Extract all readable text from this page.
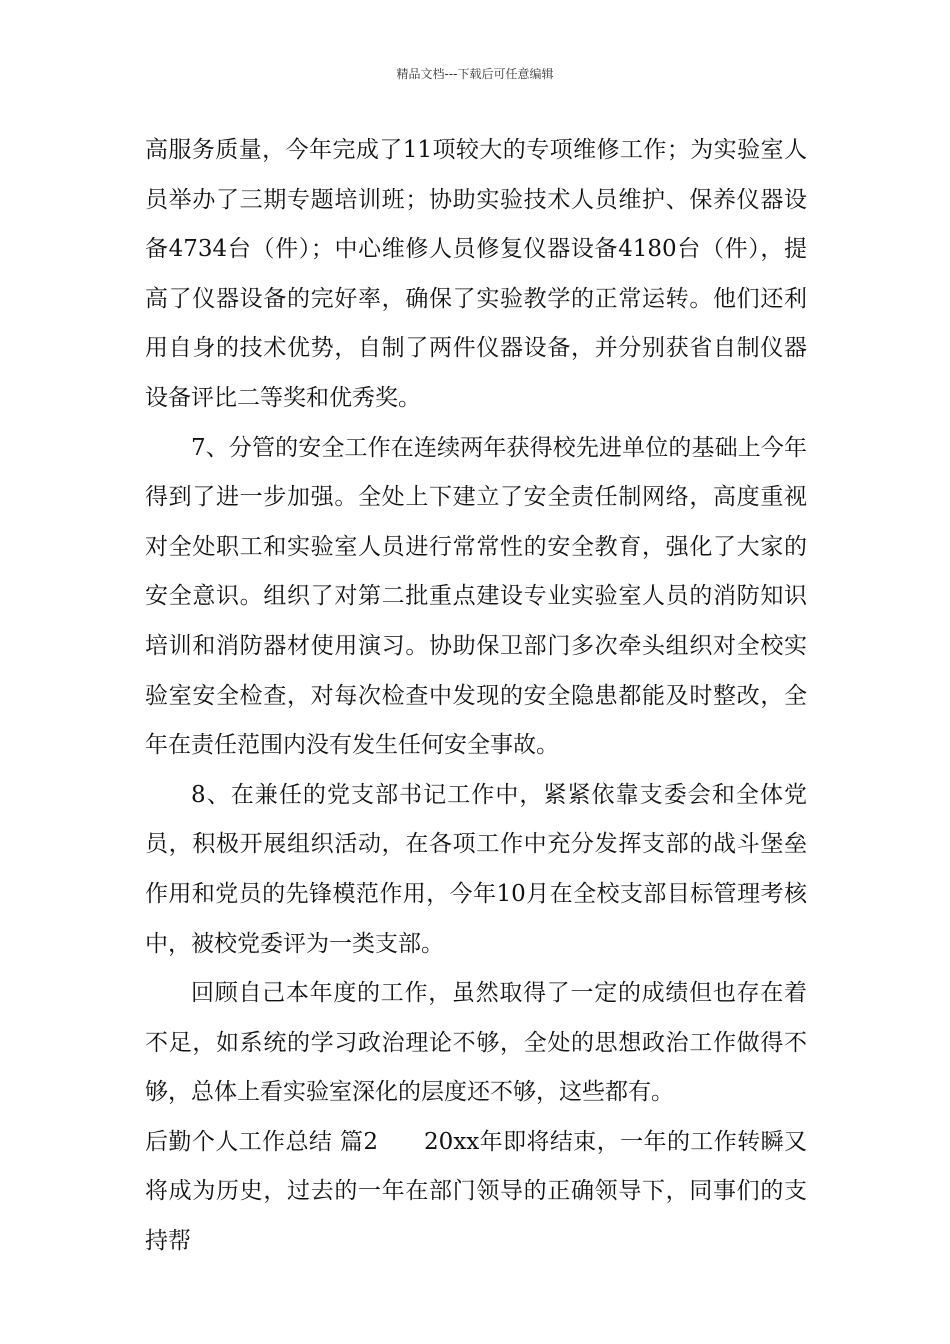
精品文档---下载后可任意编辑

高服务质量，今年完成了11项较大的专项维修工作；为实验室人员举办了三期专题培训班；协助实验技术人员维护、保养仪器设备4734台（件）；中心维修人员修复仪器设备4180台（件），提高了仪器设备的完好率，确保了实验教学的正常运转。他们还利用自身的技术优势，自制了两件仪器设备，并分别获省自制仪器设备评比二等奖和优秀奖。

7、分管的安全工作在连续两年获得校先进单位的基础上今年得到了进一步加强。全处上下建立了安全责任制网络，高度重视对全处职工和实验室人员进行常常性的安全教育，强化了大家的安全意识。组织了对第二批重点建设专业实验室人员的消防知识培训和消防器材使用演习。协助保卫部门多次牵头组织对全校实验室安全检查，对每次检查中发现的安全隐患都能及时整改，全年在责任范围内没有发生任何安全事故。

8、在兼任的党支部书记工作中，紧紧依靠支委会和全体党员，积极开展组织活动，在各项工作中充分发挥支部的战斗堡垒作用和党员的先锋模范作用，今年10月在全校支部目标管理考核中，被校党委评为一类支部。

回顾自己本年度的工作，虽然取得了一定的成绩但也存在着不足，如系统的学习政治理论不够，全处的思想政治工作做得不够，总体上看实验室深化的层度还不够，这些都有。

后勤个人工作总结 篇2 20xx年即将结束，一年的工作转瞬又将成为历史，过去的一年在部门领导的正确领导下，同事们的支持帮
